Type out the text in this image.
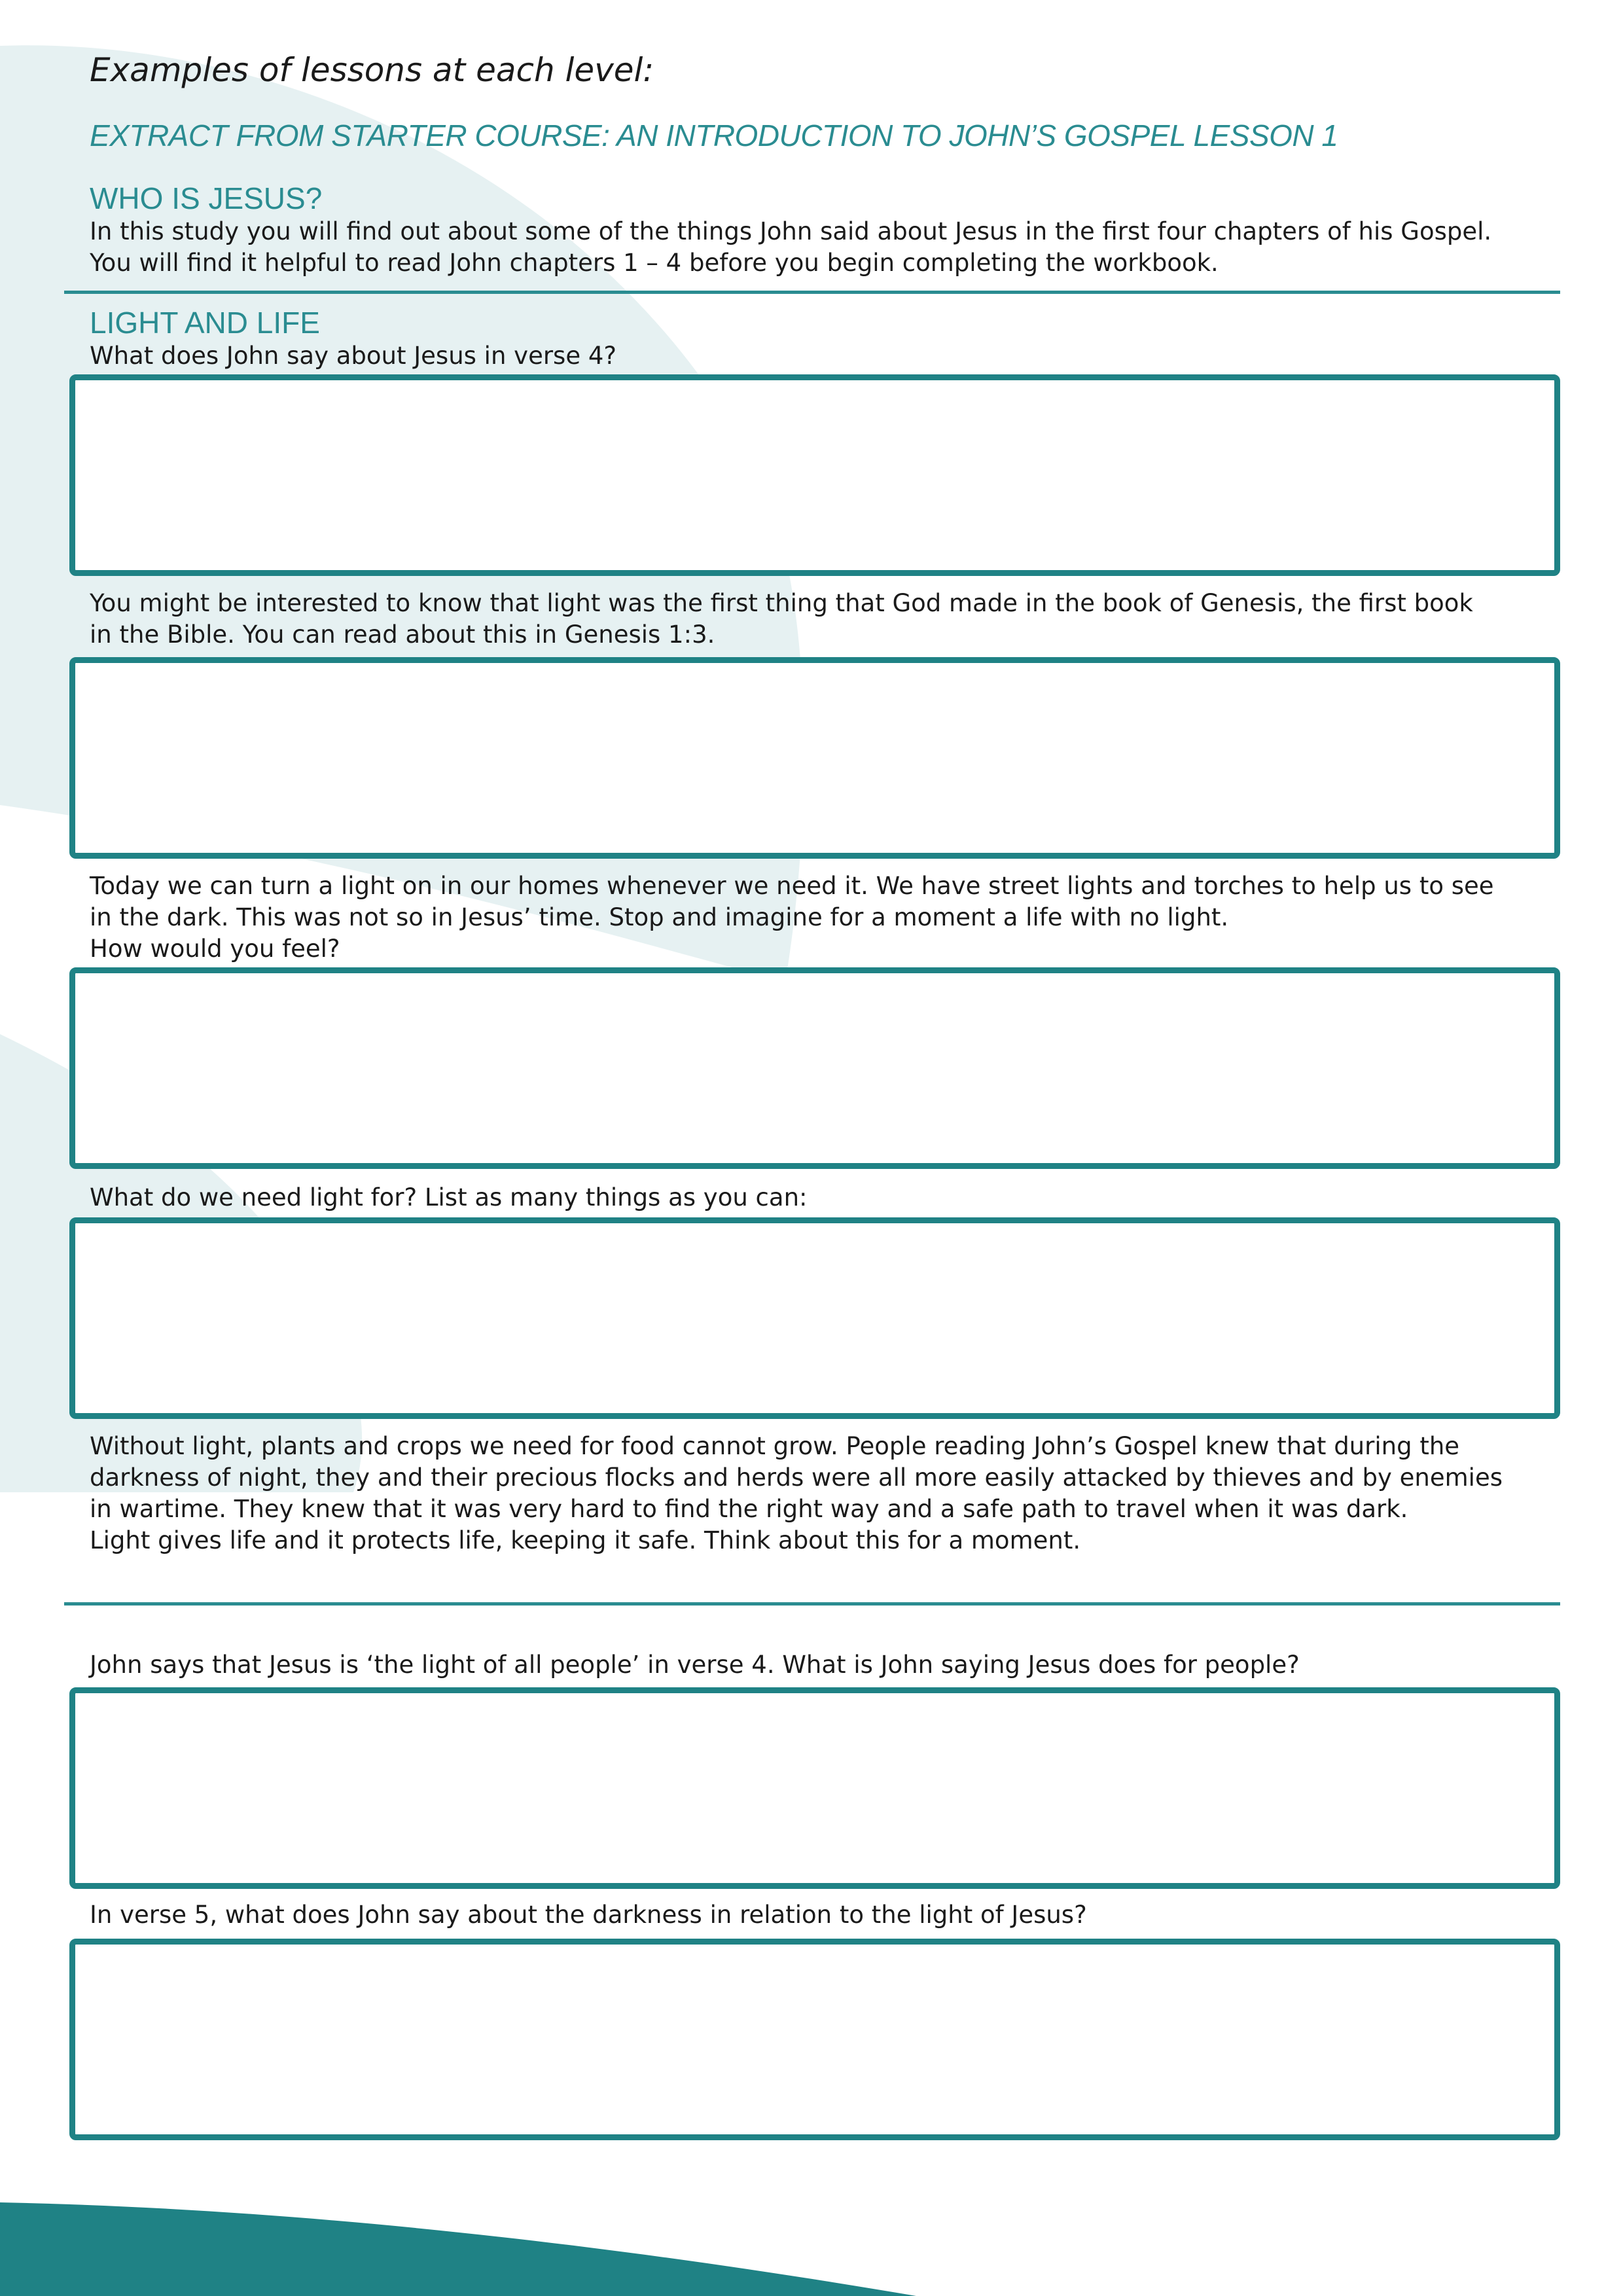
Examples of lessons at each level:
EXTRACT FROM STARTER COURSE: AN INTRODUCTION TO JOHN’S GOSPEL LESSON 1
WHO IS JESUS?
In this study you will find out about some of the things John said about Jesus in the first four chapters of his Gospel.
You will find it helpful to read John chapters 1 – 4 before you begin completing the workbook.
LIGHT AND LIFE
What does John say about Jesus in verse 4?
You might be interested to know that light was the first thing that God made in the book of Genesis, the first book
in the Bible. You can read about this in Genesis 1:3.
Today we can turn a light on in our homes whenever we need it. We have street lights and torches to help us to see
in the dark. This was not so in Jesus’ time. Stop and imagine for a moment a life with no light.
How would you feel?
What do we need light for? List as many things as you can:
Without light, plants and crops we need for food cannot grow. People reading John’s Gospel knew that during the
darkness of night, they and their precious flocks and herds were all more easily attacked by thieves and by enemies
in wartime. They knew that it was very hard to find the right way and a safe path to travel when it was dark.
Light gives life and it protects life, keeping it safe. Think about this for a moment.
John says that Jesus is ‘the light of all people’ in verse 4. What is John saying Jesus does for people?
In verse 5, what does John say about the darkness in relation to the light of Jesus?
